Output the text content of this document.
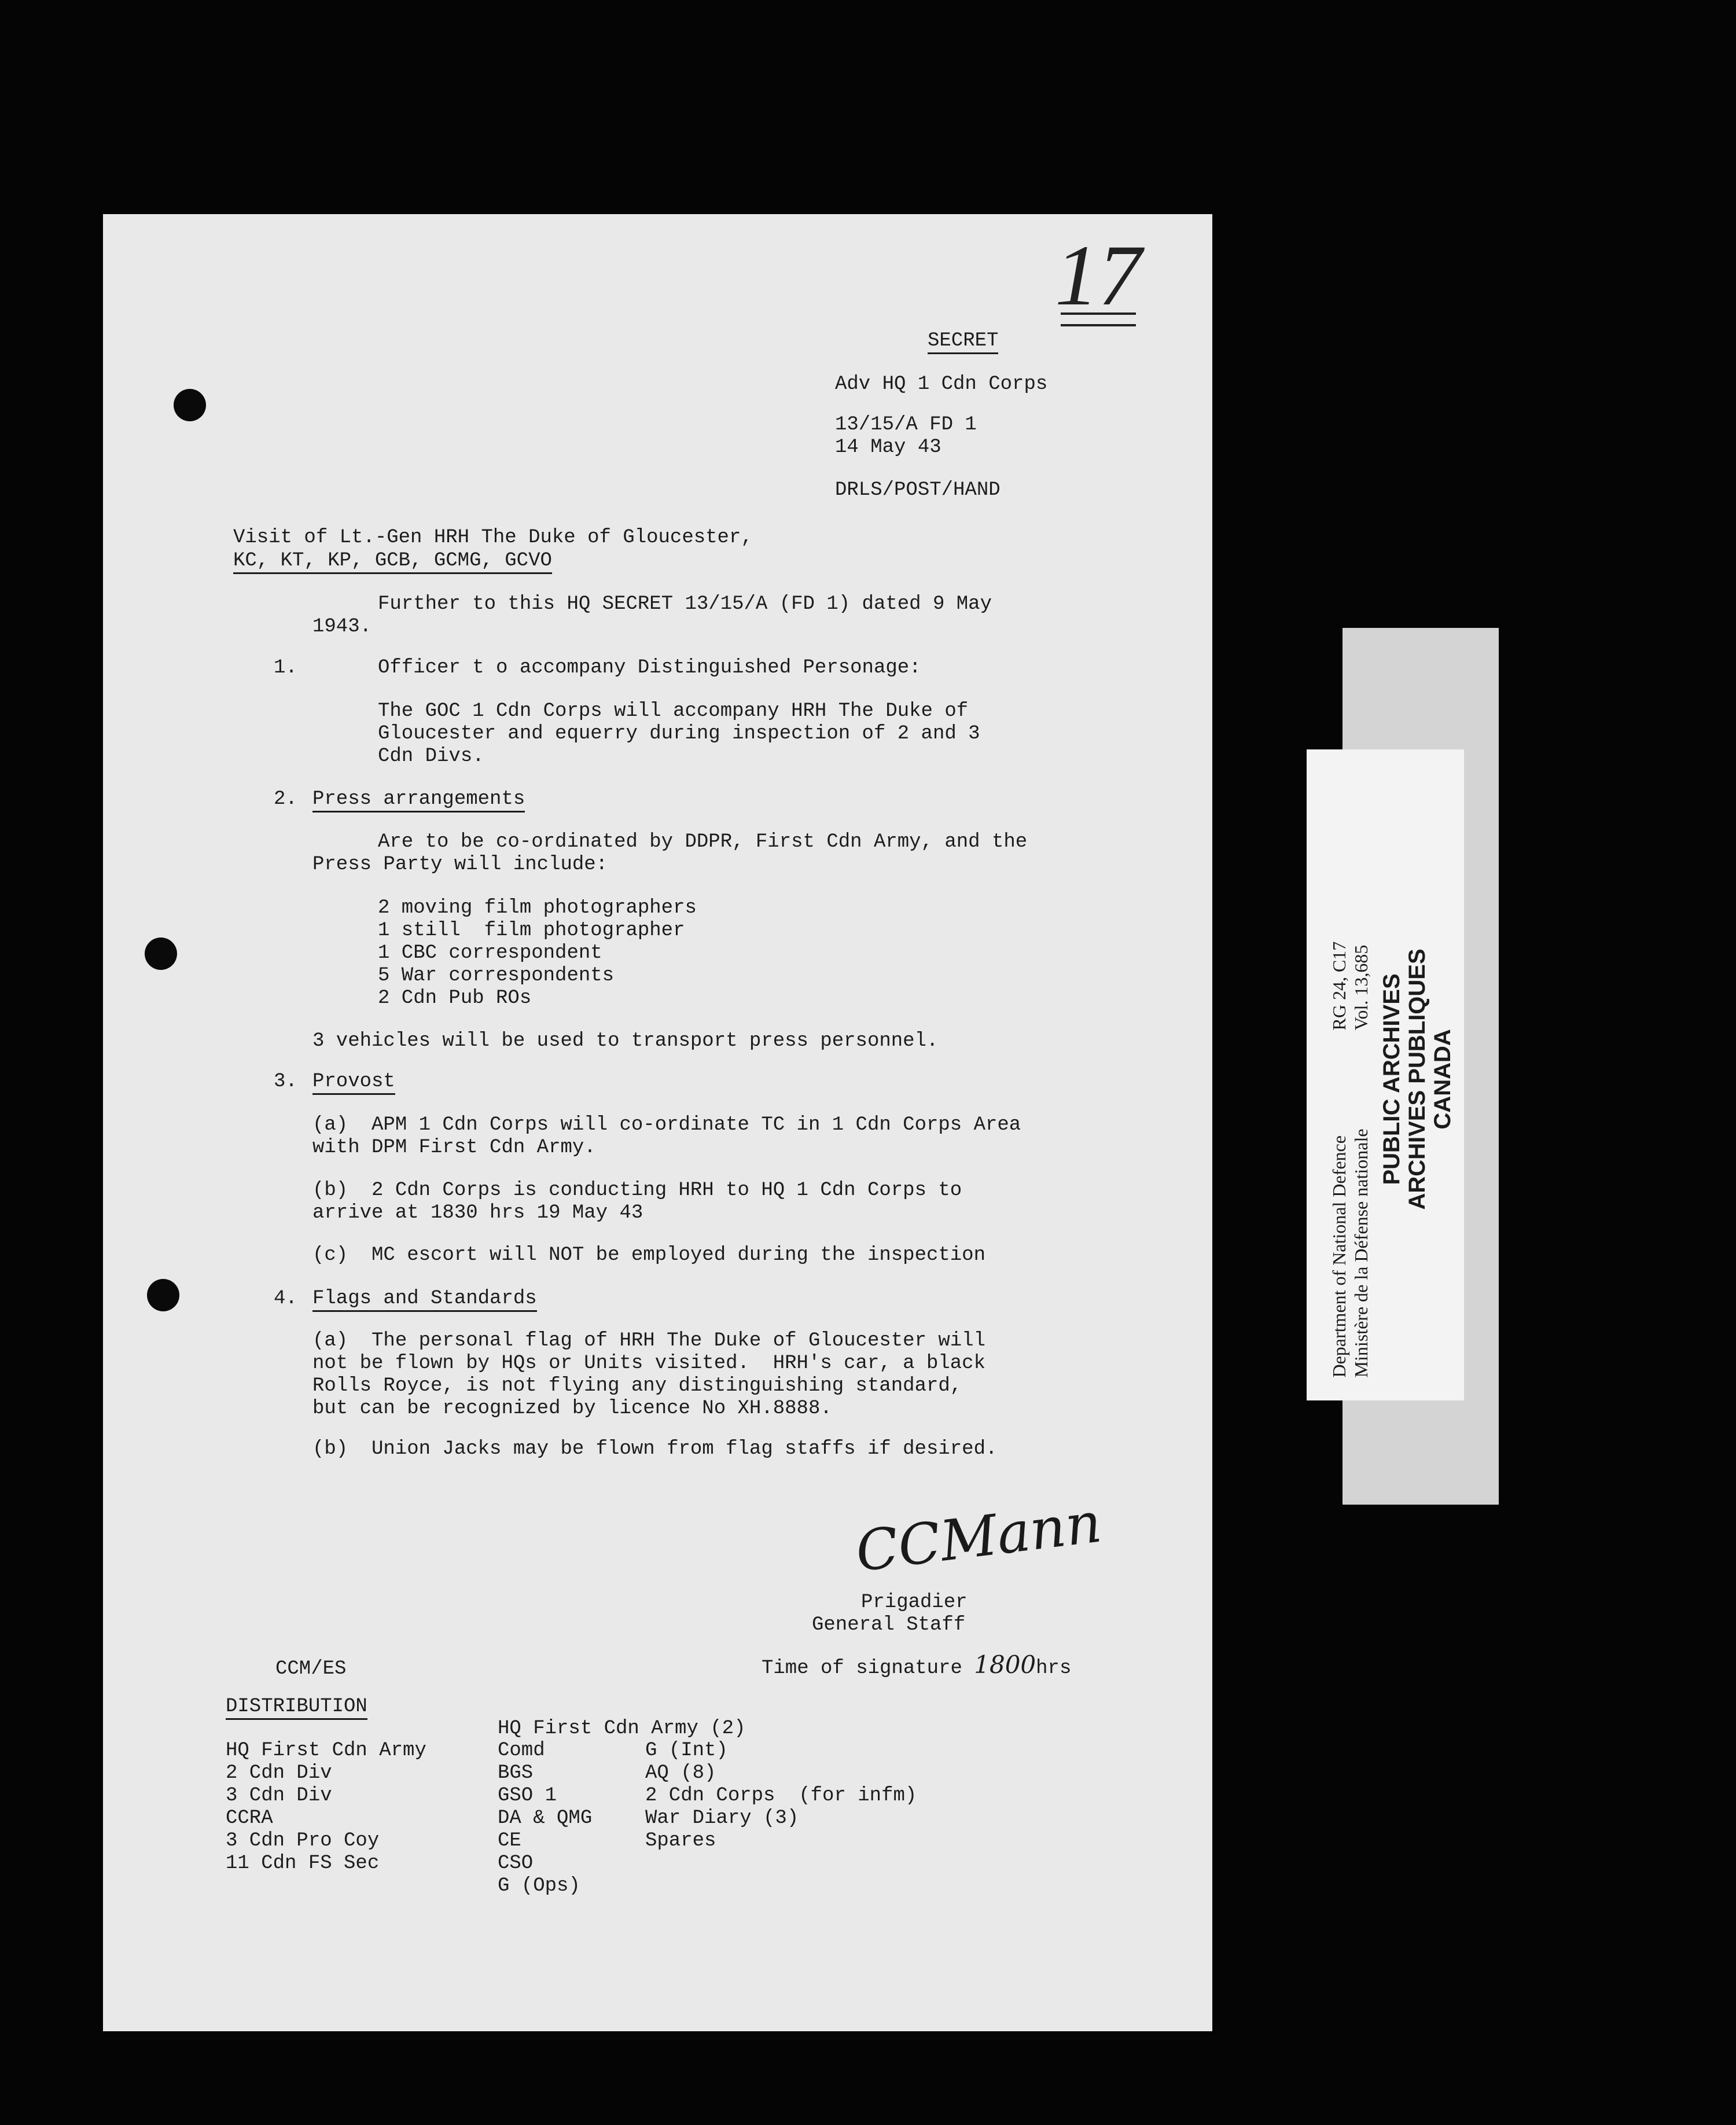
17
SECRET
Adv HQ 1 Cdn Corps
13/15/A FD 1
14 May 43
DRLS/POST/HAND
Visit of Lt.-Gen HRH The Duke of Gloucester,
KC, KT, KP, GCB, GCMG, GCVO
Further to this HQ SECRET 13/15/A (FD 1) dated 9 May
1943.
1.	Officer t o accompany Distinguished Personage:
The GOC 1 Cdn Corps will accompany HRH The Duke of
Gloucester and equerry during inspection of 2 and 3
Cdn Divs.
2. Press arrangements
Are to be co-ordinated by DDPR, First Cdn Army, and the
Press Party will include:
2 moving film photographers
1 still  film photographer
1 CBC correspondent
5 War correspondents
2 Cdn Pub ROs
3 vehicles will be used to transport press personnel.
3. Provost
(a)  APM 1 Cdn Corps will co-ordinate TC in 1 Cdn Corps Area
with DPM First Cdn Army.
(b)  2 Cdn Corps is conducting HRH to HQ 1 Cdn Corps to
arrive at 1830 hrs 19 May 43
(c)  MC escort will NOT be employed during the inspection
4. Flags and Standards
(a)  The personal flag of HRH The Duke of Gloucester will
not be flown by HQs or Units visited.  HRH's car, a black
Rolls Royce, is not flying any distinguishing standard,
but can be recognized by licence No XH.8888.
(b)  Union Jacks may be flown from flag staffs if desired.
CCMann
Prigadier
General Staff
CCM/ES	Time of signature 1800hrs
DISTRIBUTION
HQ First Cdn Army (2)
HQ First Cdn Army
2 Cdn Div
3 Cdn Div
CCRA
3 Cdn Pro Coy
11 Cdn FS Sec
Comd
BGS
GSO 1
DA & QMG
CE
CSO
G (Ops)
G (Int)
AQ (8)
2 Cdn Corps  (for infm)
War Diary (3)
Spares
Department of National Defence
Ministère de la Défense nationale
RG 24, C17
Vol. 13,685 PUBLIC ARCHIVES
ARCHIVES PUBLIQUES
CANADA
